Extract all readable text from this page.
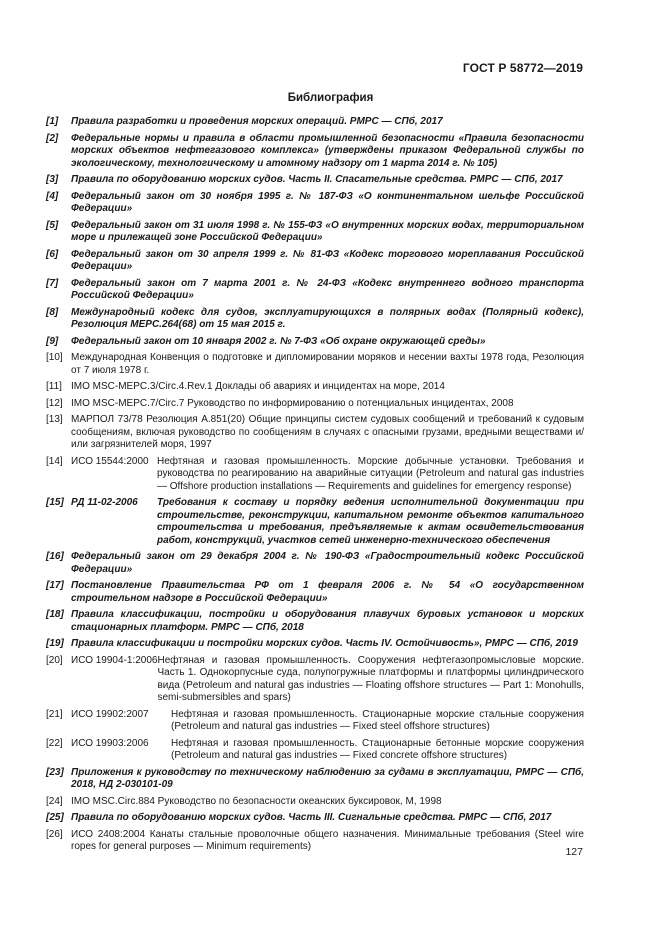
ГОСТ Р 58772—2019
Библиография
[1]	Правила разработки и проведения морских операций. РМРС — СПб, 2017
[2]	Федеральные нормы и правила в области промышленной безопасности «Правила безопасности морских объектов нефтегазового комплекса» (утверждены приказом Федеральной службы по экологическому, технологическому и атомному надзору от 1 марта 2014 г. № 105)
[3]	Правила по оборудованию морских судов. Часть II. Спасательные средства. РМРС — СПб, 2017
[4]	Федеральный закон от 30 ноября 1995 г. № 187-ФЗ «О континентальном шельфе Российской Федерации»
[5]	Федеральный закон от 31 июля 1998 г. № 155-ФЗ «О внутренних морских водах, территориальном море и прилежащей зоне Российской Федерации»
[6]	Федеральный закон от 30 апреля 1999 г. № 81-ФЗ «Кодекс торгового мореплавания Российской Федерации»
[7]	Федеральный закон от 7 марта 2001 г. № 24-ФЗ «Кодекс внутреннего водного транспорта Российской Федерации»
[8]	Международный кодекс для судов, эксплуатирующихся в полярных водах (Полярный кодекс), Резолюция MEPC.264(68) от 15 мая 2015 г.
[9]	Федеральный закон от 10 января 2002 г. № 7-ФЗ «Об охране окружающей среды»
[10] Международная Конвенция о подготовке и дипломировании моряков и несении вахты 1978 года, Резолюция от 7 июля 1978 г.
[11] IMO MSC-MEPC.3/Circ.4.Rev.1 Доклады об авариях и инцидентах на море, 2014
[12] IMO MSC-MEPC.7/Circ.7 Руководство по информированию о потенциальных инцидентах, 2008
[13] МАРПОЛ 73/78 Резолюция А.851(20) Общие принципы систем судовых сообщений и требований к судовым сообщениям, включая руководство по сообщениям в случаях с опасными грузами, вредными веществами и/или загрязнителей моря, 1997
[14] ИСО 15544:2000 Нефтяная и газовая промышленность. Морские добычные установки. Требования и руководства по реагированию на аварийные ситуации (Petroleum and natural gas industries — Offshore production installations — Requirements and guidelines for emergency response)
[15] РД 11-02-2006	Требования к составу и порядку ведения исполнительной документации при строительстве, реконструкции, капитальном ремонте объектов капитального строительства и требования, предъявляемые к актам освидетельствования работ, конструкций, участков сетей инженерно-технического обеспечения
[16] Федеральный закон от 29 декабря 2004 г. № 190-ФЗ «Градостроительный кодекс Российской Федерации»
[17] Постановление Правительства РФ от 1 февраля 2006 г. № 54 «О государственном строительном надзоре в Российской Федерации»
[18] Правила классификации, постройки и оборудования плавучих буровых установок и морских стационарных платформ. РМРС — СПб, 2018
[19] Правила классификации и постройки морских судов. Часть IV. Остойчивость», РМРС — СПб, 2019
[20] ИСО 19904-1:2006 Нефтяная и газовая промышленность. Сооружения нефтегазопромысловые морские. Часть 1. Однокорпусные суда, полупогружные платформы и платформы цилиндрического вида (Petroleum and natural gas industries — Floating offshore structures — Part 1: Monohulls, semi-submersibles and spars)
[21] ИСО 19902:2007	Нефтяная и газовая промышленность. Стационарные морские стальные сооружения (Petroleum and natural gas industries — Fixed steel offshore structures)
[22] ИСО 19903:2006	Нефтяная и газовая промышленность. Стационарные бетонные морские сооружения (Petroleum and natural gas industries — Fixed concrete offshore structures)
[23] Приложения к руководству по техническому наблюдению за судами в эксплуатации, РМРС — СПб, 2018, НД 2-030101-09
[24] IMO MSC.Circ.884 Руководство по безопасности океанских буксировок, M, 1998
[25] Правила по оборудованию морских судов. Часть III. Сигнальные средства. РМРС — СПб, 2017
[26] ИСО 2408:2004 Канаты стальные проволочные общего назначения. Минимальные требования (Steel wire ropes for general purposes — Minimum requirements)	127
